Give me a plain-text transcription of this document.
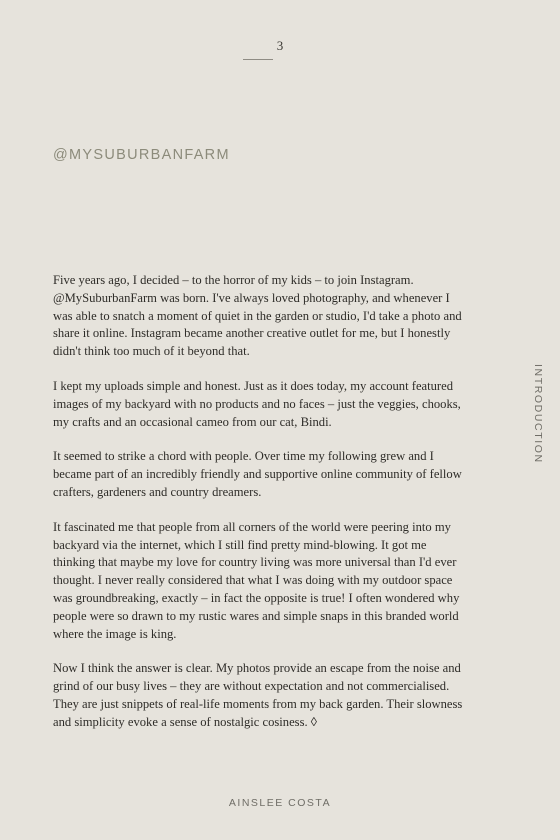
3
@MYSUBURBANFARM

Five years ago, I decided – to the horror of my kids – to join Instagram. @MySuburbanFarm was born. I've always loved photography, and whenever I was able to snatch a moment of quiet in the garden or studio, I'd take a photo and share it online. Instagram became another creative outlet for me, but I honestly didn't think too much of it beyond that.

I kept my uploads simple and honest. Just as it does today, my account featured images of my backyard with no products and no faces – just the veggies, chooks, my crafts and an occasional cameo from our cat, Bindi.

It seemed to strike a chord with people. Over time my following grew and I became part of an incredibly friendly and supportive online community of fellow crafters, gardeners and country dreamers.

It fascinated me that people from all corners of the world were peering into my backyard via the internet, which I still find pretty mind-blowing. It got me thinking that maybe my love for country living was more universal than I'd ever thought. I never really considered that what I was doing with my outdoor space was groundbreaking, exactly – in fact the opposite is true! I often wondered why people were so drawn to my rustic wares and simple snaps in this branded world where the image is king.

Now I think the answer is clear. My photos provide an escape from the noise and grind of our busy lives – they are without expectation and not commercialised. They are just snippets of real-life moments from my back garden. Their slowness and simplicity evoke a sense of nostalgic cosiness. ◊

INTRODUCTION
AINSLEE COSTA
